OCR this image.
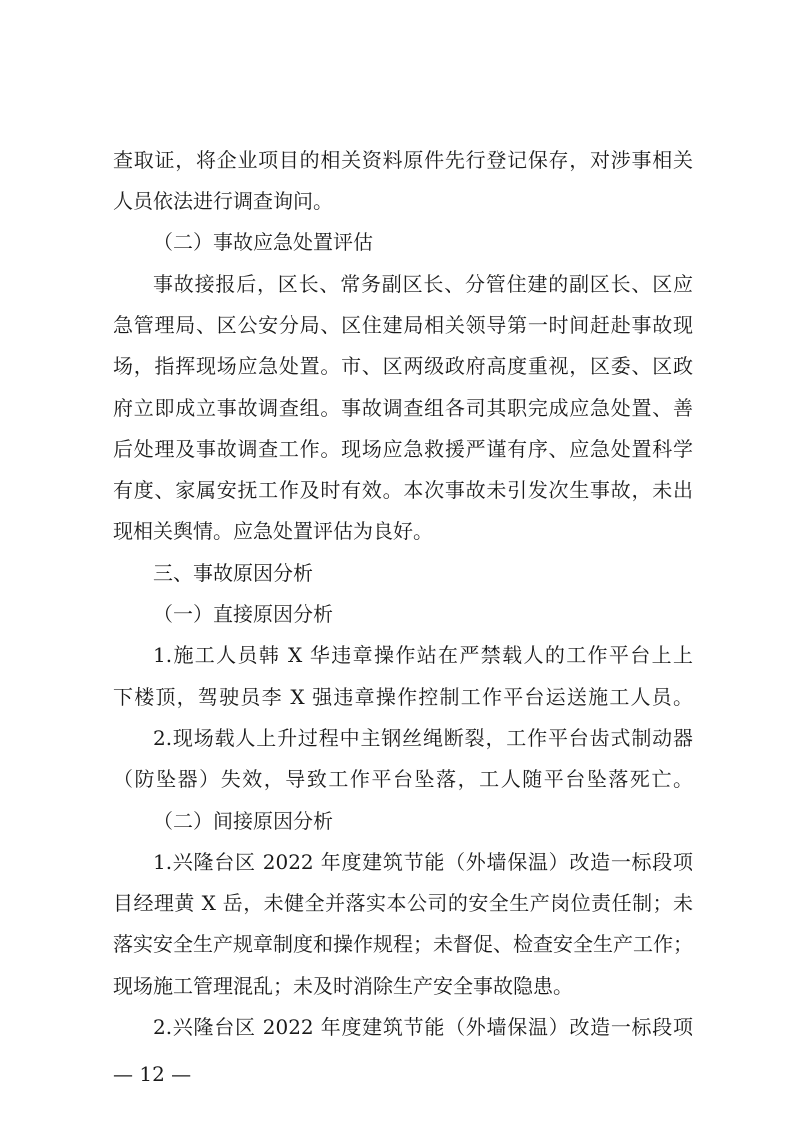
查取证，将企业项目的相关资料原件先行登记保存，对涉事相关
人员依法进行调查询问。
（二）事故应急处置评估
事故接报后，区长、常务副区长、分管住建的副区长、区应
急管理局、区公安分局、区住建局相关领导第一时间赶赴事故现
场，指挥现场应急处置。市、区两级政府高度重视，区委、区政
府立即成立事故调查组。事故调查组各司其职完成应急处置、善
后处理及事故调查工作。现场应急救援严谨有序、应急处置科学
有度、家属安抚工作及时有效。本次事故未引发次生事故，未出
现相关舆情。应急处置评估为良好。
三、事故原因分析
（一）直接原因分析
1.施工人员韩 X 华违章操作站在严禁载人的工作平台上上
下楼顶，驾驶员李 X 强违章操作控制工作平台运送施工人员。
2.现场载人上升过程中主钢丝绳断裂，工作平台齿式制动器
（防坠器）失效，导致工作平台坠落，工人随平台坠落死亡。
（二）间接原因分析
1.兴隆台区 2022 年度建筑节能（外墙保温）改造一标段项
目经理黄 X 岳，未健全并落实本公司的安全生产岗位责任制；未
落实安全生产规章制度和操作规程；未督促、检查安全生产工作；
现场施工管理混乱；未及时消除生产安全事故隐患。
2.兴隆台区 2022 年度建筑节能（外墙保温）改造一标段项
— 12 —
